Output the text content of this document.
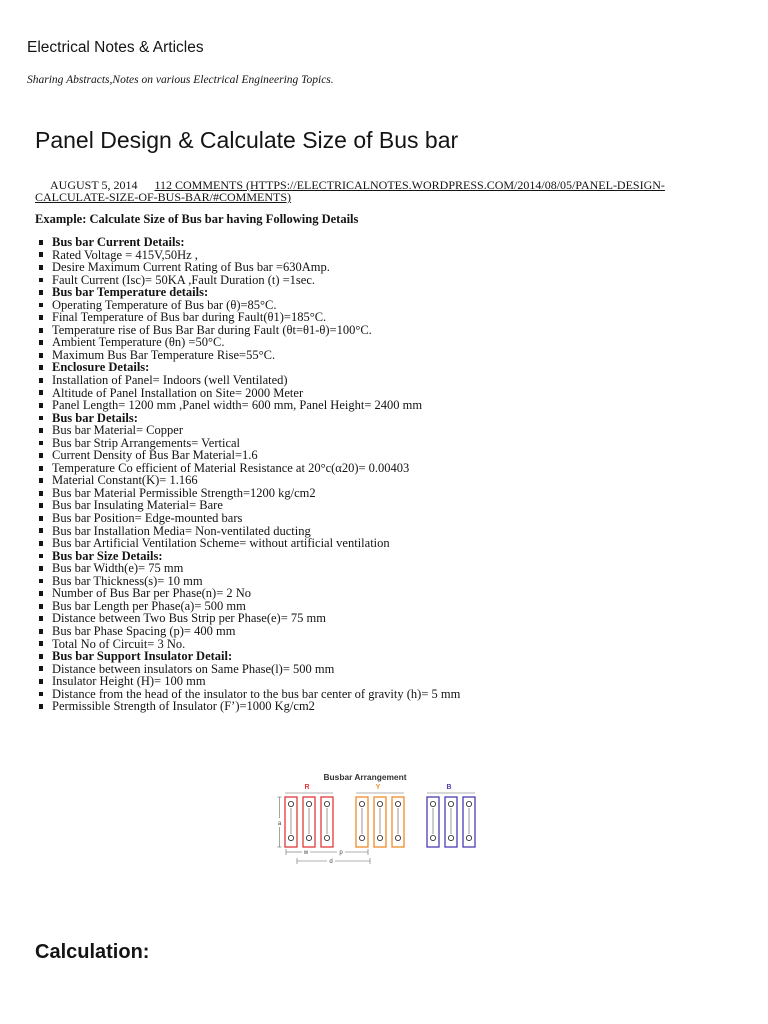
Electrical Notes & Articles

Sharing Abstracts,Notes on various Electrical Engineering Topics.

Panel Design & Calculate Size of Bus bar

AUGUST 5, 2014 112 COMMENTS (HTTPS://ELECTRICALNOTES.WORDPRESS.COM/2014/08/05/PANEL-DESIGN-
CALCULATE-SIZE-OF-BUS-BAR/#COMMENTS)

Example: Calculate Size of Bus bar having Following Details

Bus bar Current Details:
Rated Voltage = 415V,50Hz ,
Desire Maximum Current Rating of Bus bar =630Amp.
Fault Current (Isc)= 50KA ,Fault Duration (t) =1sec.
Bus bar Temperature details:
Operating Temperature of Bus bar (θ)=85°C.
Final Temperature of Bus bar during Fault(θ1)=185°C.
Temperature rise of Bus Bar Bar during Fault (θt=θ1-θ)=100°C.
Ambient Temperature (θn) =50°C.
Maximum Bus Bar Temperature Rise=55°C.
Enclosure Details:
Installation of Panel= Indoors (well Ventilated)
Altitude of Panel Installation on Site= 2000 Meter
Panel Length= 1200 mm ,Panel width= 600 mm, Panel Height= 2400 mm
Bus bar Details:
Bus bar Material= Copper
Bus bar Strip Arrangements= Vertical
Current Density of Bus Bar Material=1.6
Temperature Co efficient of Material Resistance at 20°c(α20)= 0.00403
Material Constant(K)= 1.166
Bus bar Material Permissible Strength=1200 kg/cm2
Bus bar Insulating Material= Bare
Bus bar Position= Edge-mounted bars
Bus bar Installation Media= Non-ventilated ducting
Bus bar Artificial Ventilation Scheme= without artificial ventilation
Bus bar Size Details:
Bus bar Width(e)= 75 mm
Bus bar Thickness(s)= 10 mm
Number of Bus Bar per Phase(n)= 2 No
Bus bar Length per Phase(a)= 500 mm
Distance between Two Bus Strip per Phase(e)= 75 mm
Bus bar Phase Spacing (p)= 400 mm
Total No of Circuit= 3 No.
Bus bar Support Insulator Detail:
Distance between insulators on Same Phase(l)= 500 mm
Insulator Height (H)= 100 mm
Distance from the head of the insulator to the bus bar center of gravity (h)= 5 mm
Permissible Strength of Insulator (F’)=1000 Kg/cm2
Busbar Arrangement
R	Y	B
a
w	p
d
Calculation:
